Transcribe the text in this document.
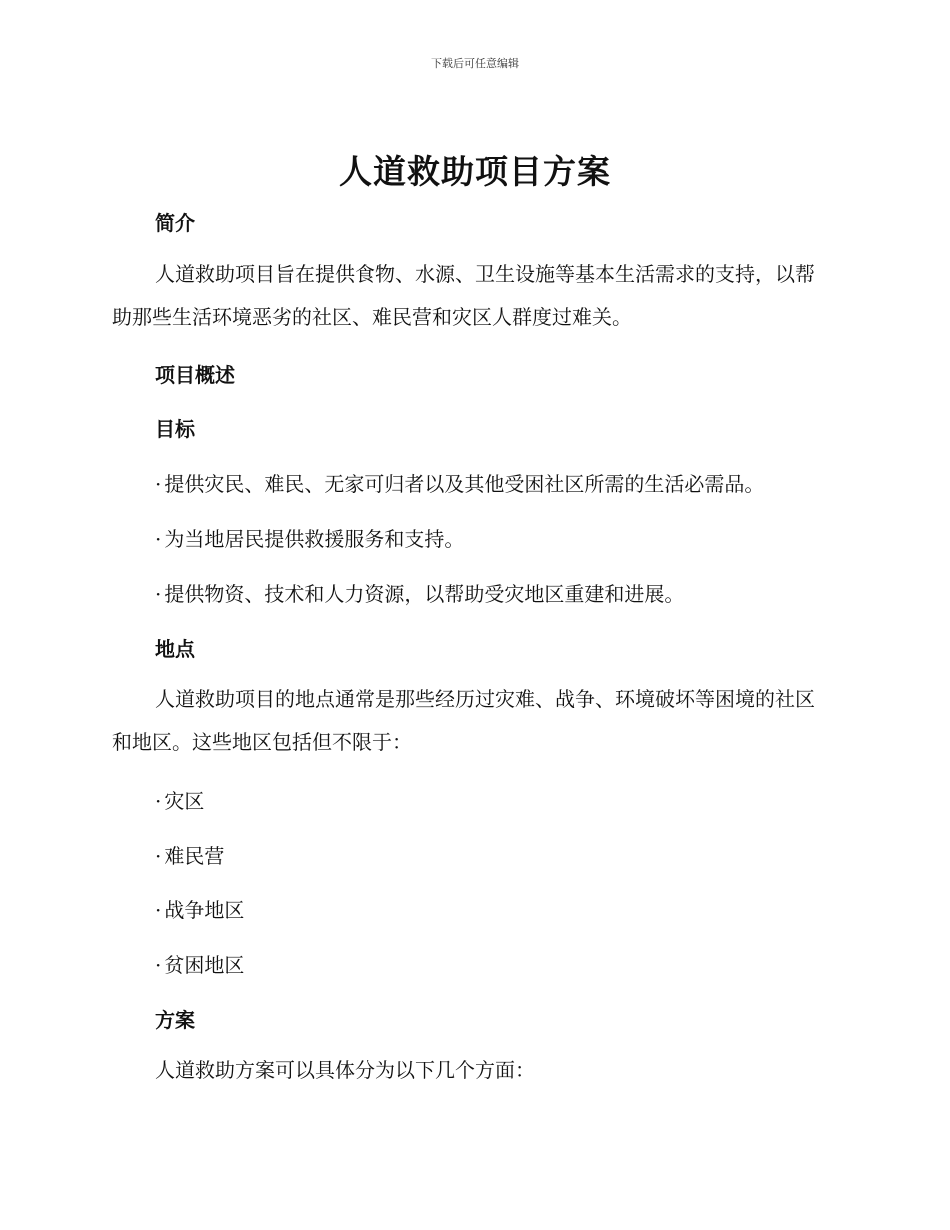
下载后可任意编辑
人道救助项目方案
简介

人道救助项目旨在提供食物、水源、卫生设施等基本生活需求的支持，以帮助那些生活环境恶劣的社区、难民营和灾区人群度过难关。

项目概述
目标

· 提供灾民、难民、无家可归者以及其他受困社区所需的生活必需品。

· 为当地居民提供救援服务和支持。

· 提供物资、技术和人力资源，以帮助受灾地区重建和进展。

地点

人道救助项目的地点通常是那些经历过灾难、战争、环境破坏等困境的社区和地区。这些地区包括但不限于：

· 灾区

· 难民营

· 战争地区

· 贫困地区

方案

人道救助方案可以具体分为以下几个方面：
